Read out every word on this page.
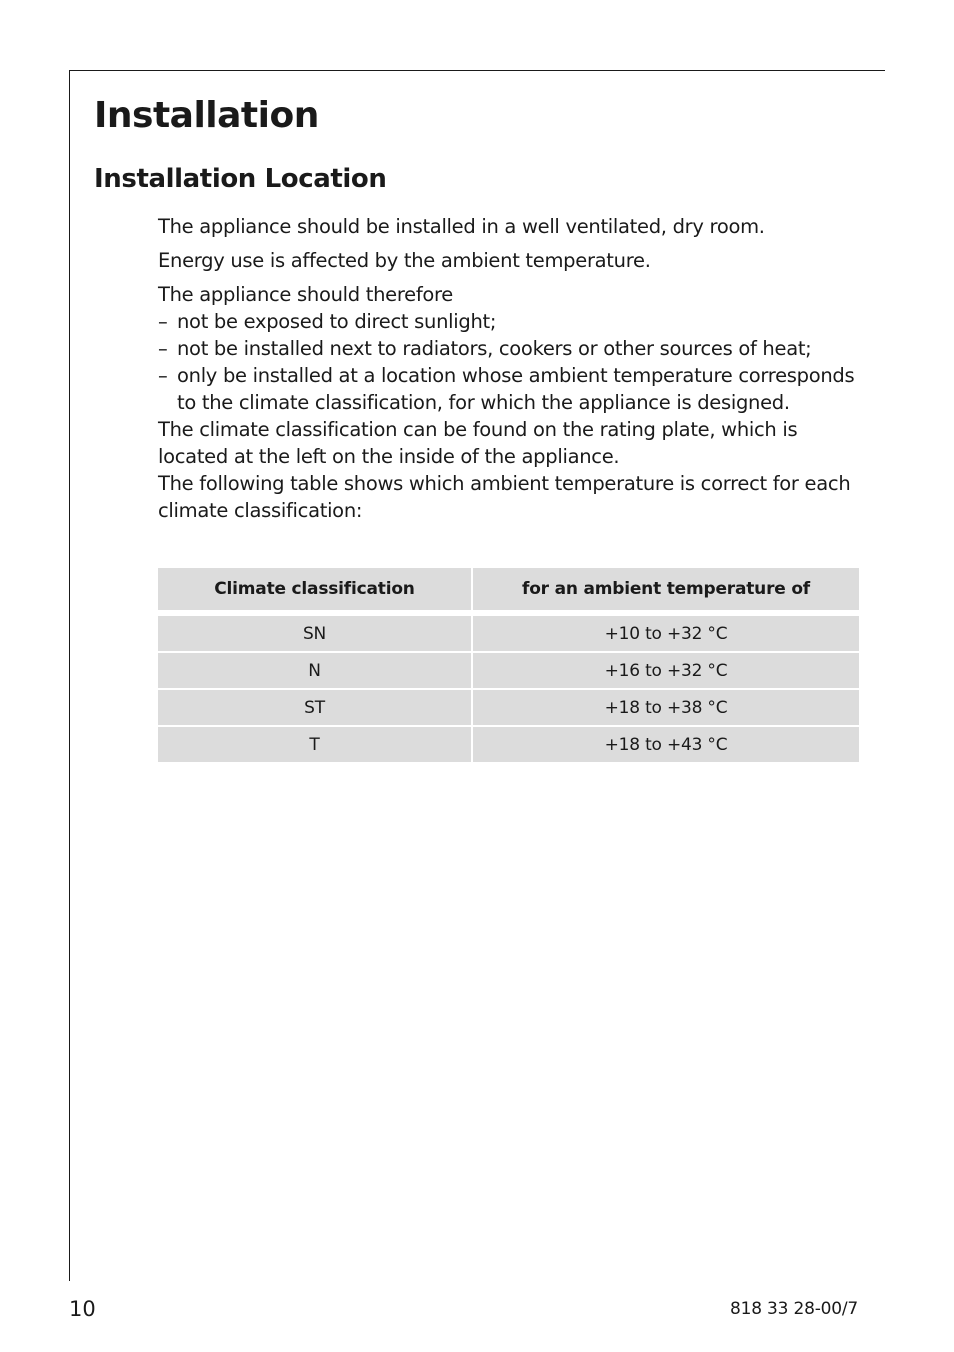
Installation
Installation Location

The appliance should be installed in a well ventilated, dry room.

Energy use is affected by the ambient temperature.

The appliance should therefore

– not be exposed to direct sunlight;
– not be installed next to radiators, cookers or other sources of heat;
– only be installed at a location whose ambient temperature corresponds to the climate classification, for which the appliance is designed.

The climate classification can be found on the rating plate, which is located at the left on the inside of the appliance.

The following table shows which ambient temperature is correct for each climate classification:

Climate classification	for an ambient temperature of
SN	+10 to +32 °C
N	+16 to +32 °C
ST	+18 to +38 °C
T	+18 to +43 °C
10	818 33 28-00/7
